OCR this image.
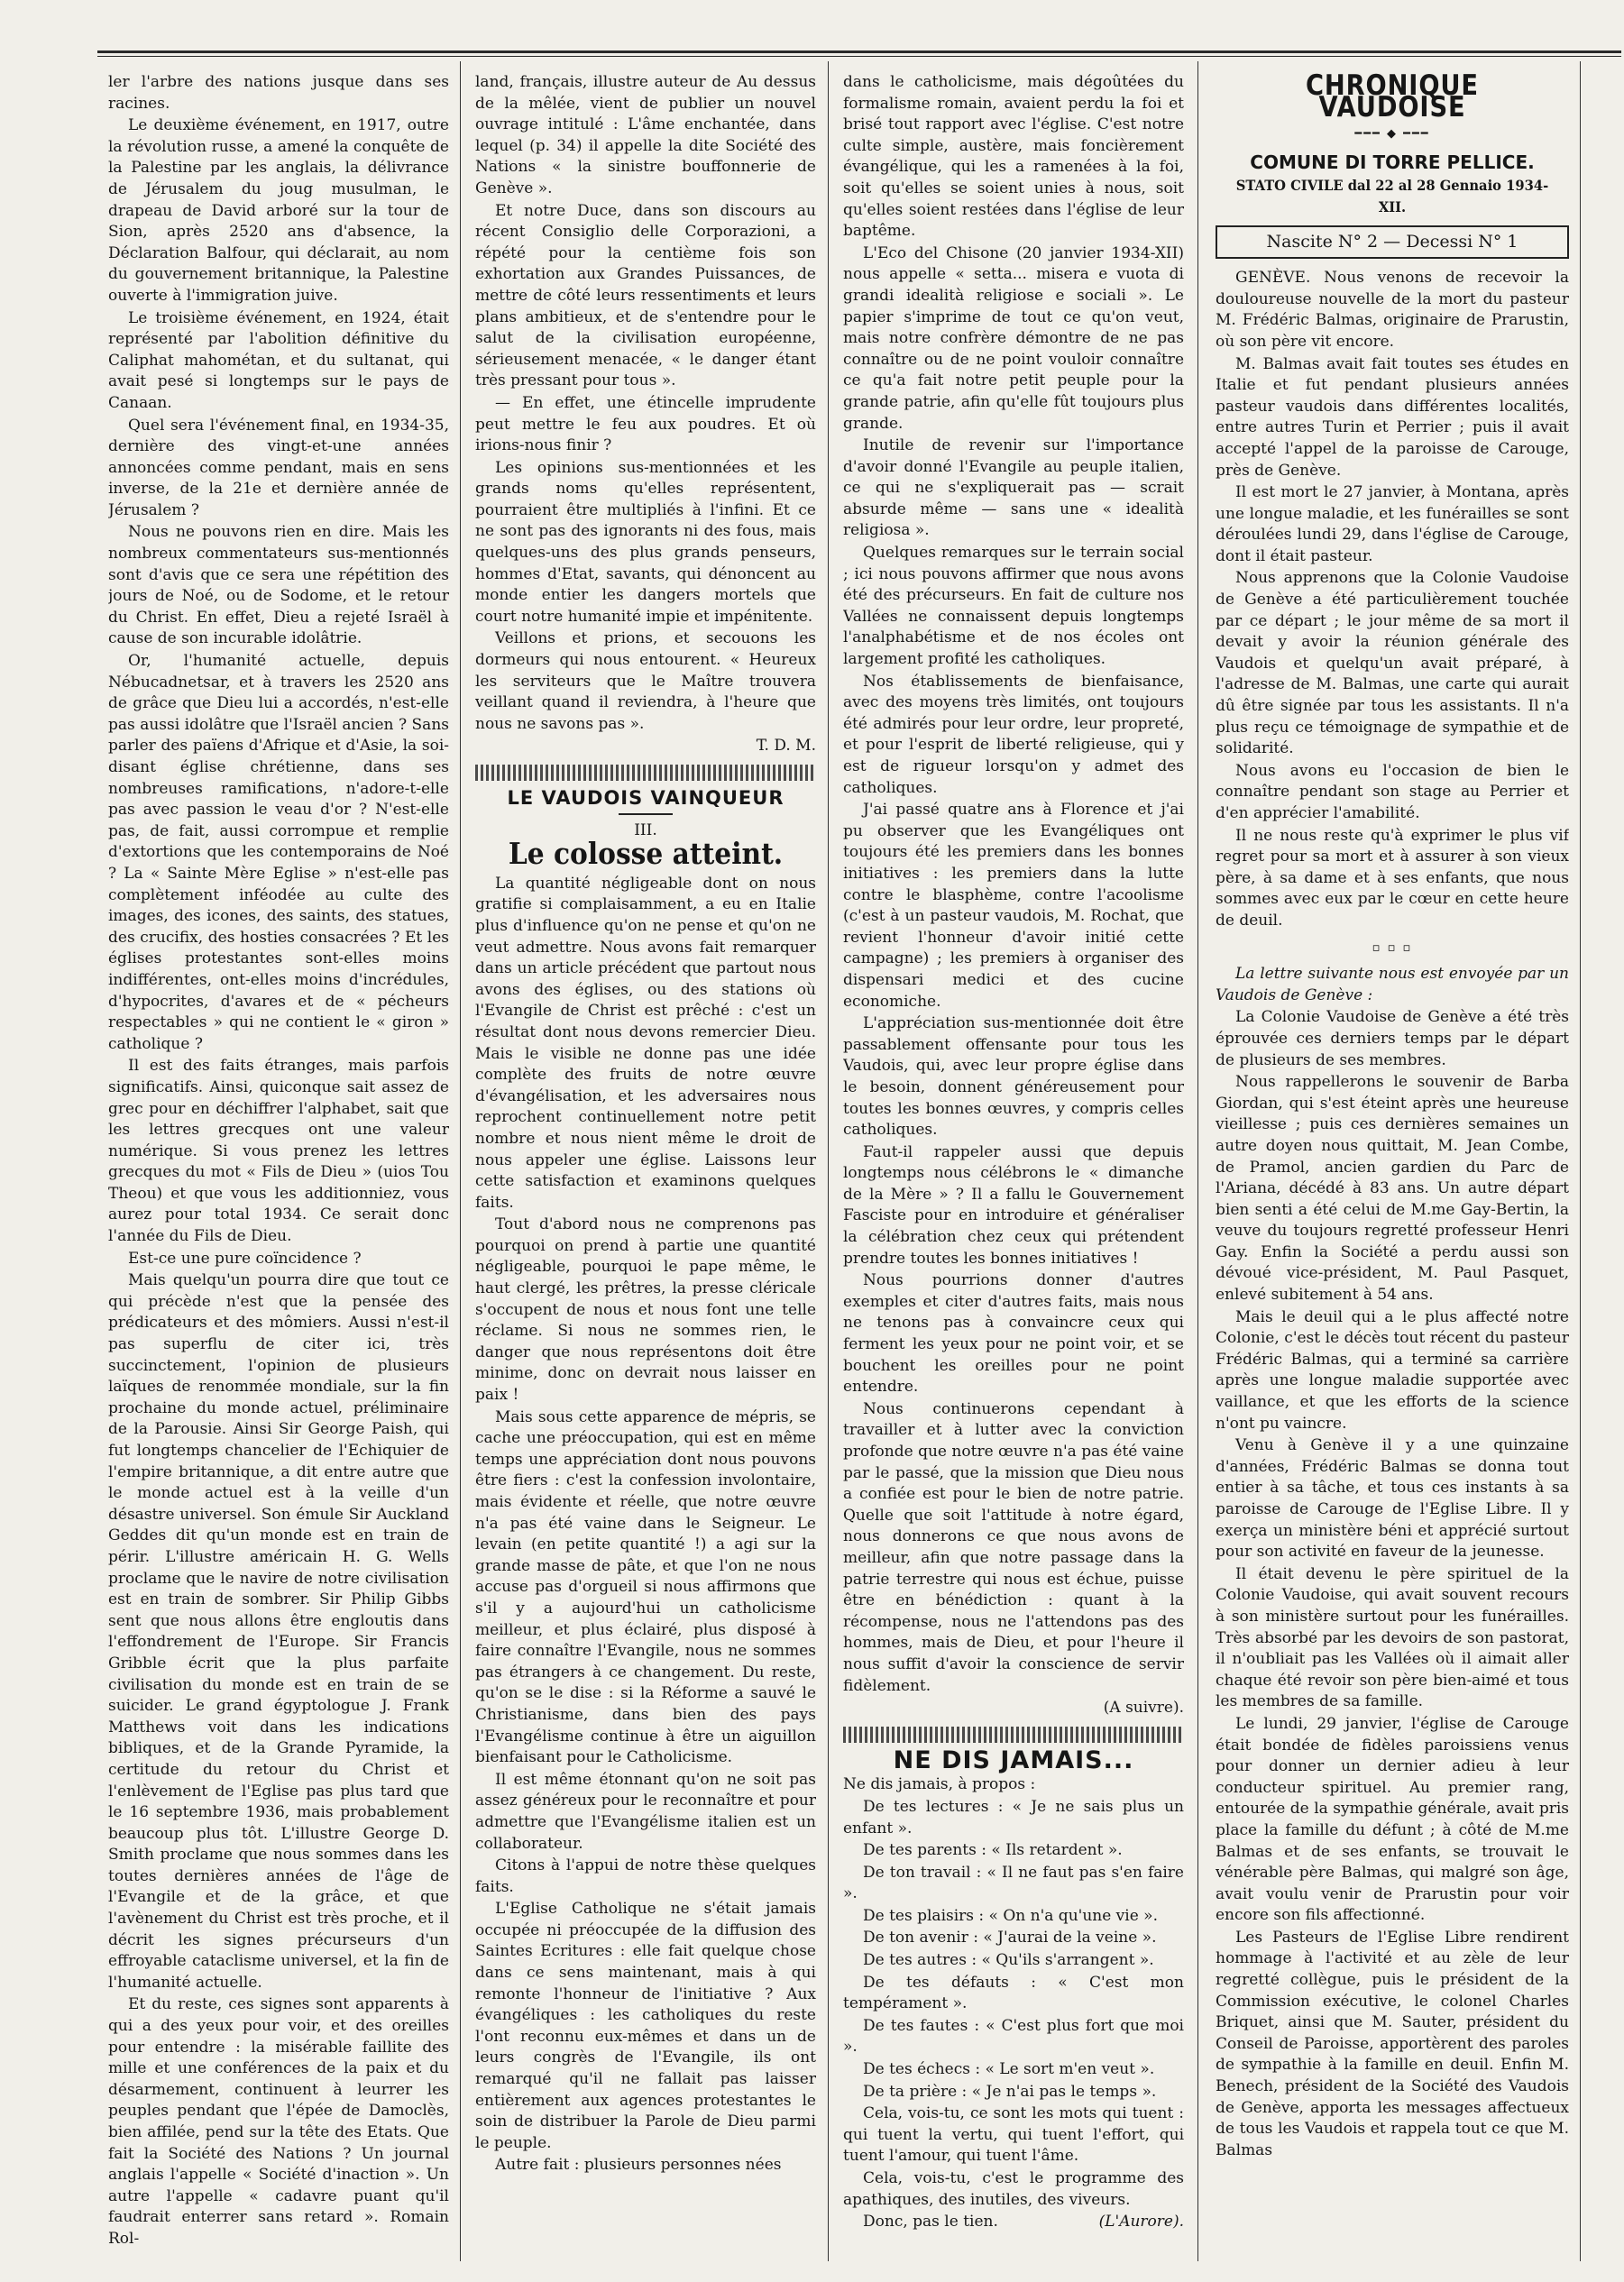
ler l'arbre des nations jusque dans ses racines.

Le deuxième événement, en 1917, outre la révolution russe, a amené la conquête de la Palestine par les anglais, la délivrance de Jérusalem du joug musulman, le drapeau de David arboré sur la tour de Sion, après 2520 ans d'absence, la Déclaration Balfour, qui déclarait, au nom du gouvernement britannique, la Palestine ouverte à l'immigration juive.

Le troisième événement, en 1924, était représenté par l'abolition définitive du Caliphat mahométan, et du sultanat, qui avait pesé si longtemps sur le pays de Canaan.

Quel sera l'événement final, en 1934-35, dernière des vingt-et-une années annoncées comme pendant, mais en sens inverse, de la 21e et dernière année de Jérusalem ?

Nous ne pouvons rien en dire. Mais les nombreux commentateurs sus-mentionnés sont d'avis que ce sera une répétition des jours de Noé, ou de Sodome, et le retour du Christ. En effet, Dieu a rejeté Israël à cause de son incurable idolâtrie.

Or, l'humanité actuelle, depuis Nébucadnetsar, et à travers les 2520 ans de grâce que Dieu lui a accordés, n'est-elle pas aussi idolâtre que l'Israël ancien ? Sans parler des païens d'Afrique et d'Asie, la soi-disant église chrétienne, dans ses nombreuses ramifications, n'adore-t-elle pas avec passion le veau d'or ? N'est-elle pas, de fait, aussi corrompue et remplie d'extortions que les contemporains de Noé ? La « Sainte Mère Eglise » n'est-elle pas complètement inféodée au culte des images, des icones, des saints, des statues, des crucifix, des hosties consacrées ? Et les églises protestantes sont-elles moins indifférentes, ont-elles moins d'incrédules, d'hypocrites, d'avares et de « pécheurs respectables » qui ne contient le « giron » catholique ?

Il est des faits étranges, mais parfois significatifs. Ainsi, quiconque sait assez de grec pour en déchiffrer l'alphabet, sait que les lettres grecques ont une valeur numérique. Si vous prenez les lettres grecques du mot « Fils de Dieu » (uios Tou Theou) et que vous les additionniez, vous aurez pour total 1934. Ce serait donc l'année du Fils de Dieu.

Est-ce une pure coïncidence ?

Mais quelqu'un pourra dire que tout ce qui précède n'est que la pensée des prédicateurs et des mômiers. Aussi n'est-il pas superflu de citer ici, très succinctement, l'opinion de plusieurs laïques de renommée mondiale, sur la fin prochaine du monde actuel, préliminaire de la Parousie. Ainsi Sir George Paish, qui fut longtemps chancelier de l'Echiquier de l'empire britannique, a dit entre autre que le monde actuel est à la veille d'un désastre universel. Son émule Sir Auckland Geddes dit qu'un monde est en train de périr. L'illustre américain H. G. Wells proclame que le navire de notre civilisation est en train de sombrer. Sir Philip Gibbs sent que nous allons être engloutis dans l'effondrement de l'Europe. Sir Francis Gribble écrit que la plus parfaite civilisation du monde est en train de se suicider. Le grand égyptologue J. Frank Matthews voit dans les indications bibliques, et de la Grande Pyramide, la certitude du retour du Christ et l'enlèvement de l'Eglise pas plus tard que le 16 septembre 1936, mais probablement beaucoup plus tôt. L'illustre George D. Smith proclame que nous sommes dans les toutes dernières années de l'âge de l'Evangile et de la grâce, et que l'avènement du Christ est très proche, et il décrit les signes précurseurs d'un effroyable cataclisme universel, et la fin de l'humanité actuelle.

Et du reste, ces signes sont apparents à qui a des yeux pour voir, et des oreilles pour entendre : la misérable faillite des mille et une conférences de la paix et du désarmement, continuent à leurrer les peuples pendant que l'épée de Damoclès, bien affilée, pend sur la tête des Etats. Que fait la Société des Nations ? Un journal anglais l'appelle « Société d'inaction ». Un autre l'appelle « cadavre puant qu'il faudrait enterrer sans retard ». Romain Rol-

land, français, illustre auteur de Au dessus de la mêlée, vient de publier un nouvel ouvrage intitulé : L'âme enchantée, dans lequel (p. 34) il appelle la dite Société des Nations « la sinistre bouffonnerie de Genève ».

Et notre Duce, dans son discours au récent Consiglio delle Corporazioni, a répété pour la centième fois son exhortation aux Grandes Puissances, de mettre de côté leurs ressentiments et leurs plans ambitieux, et de s'entendre pour le salut de la civilisation européenne, sérieusement menacée, « le danger étant très pressant pour tous ».

— En effet, une étincelle imprudente peut mettre le feu aux poudres. Et où irions-nous finir ?

Les opinions sus-mentionnées et les grands noms qu'elles représentent, pourraient être multipliés à l'infini. Et ce ne sont pas des ignorants ni des fous, mais quelques-uns des plus grands penseurs, hommes d'Etat, savants, qui dénoncent au monde entier les dangers mortels que court notre humanité impie et impénitente.

Veillons et prions, et secouons les dormeurs qui nous entourent. « Heureux les serviteurs que le Maître trouvera veillant quand il reviendra, à l'heure que nous ne savons pas ».

T. D. M.

LE VAUDOIS VAINQUEUR
III.
Le colosse atteint.

La quantité négligeable dont on nous gratifie si complaisamment, a eu en Italie plus d'influence qu'on ne pense et qu'on ne veut admettre. Nous avons fait remarquer dans un article précédent que partout nous avons des églises, ou des stations où l'Evangile de Christ est prêché : c'est un résultat dont nous devons remercier Dieu. Mais le visible ne donne pas une idée complète des fruits de notre œuvre d'évangélisation, et les adversaires nous reprochent continuellement notre petit nombre et nous nient même le droit de nous appeler une église. Laissons leur cette satisfaction et examinons quelques faits.

Tout d'abord nous ne comprenons pas pourquoi on prend à partie une quantité négligeable, pourquoi le pape même, le haut clergé, les prêtres, la presse cléricale s'occupent de nous et nous font une telle réclame. Si nous ne sommes rien, le danger que nous représentons doit être minime, donc on devrait nous laisser en paix !

Mais sous cette apparence de mépris, se cache une préoccupation, qui est en même temps une appréciation dont nous pouvons être fiers : c'est la confession involontaire, mais évidente et réelle, que notre œuvre n'a pas été vaine dans le Seigneur. Le levain (en petite quantité !) a agi sur la grande masse de pâte, et que l'on ne nous accuse pas d'orgueil si nous affirmons que s'il y a aujourd'hui un catholicisme meilleur, et plus éclairé, plus disposé à faire connaître l'Evangile, nous ne sommes pas étrangers à ce changement. Du reste, qu'on se le dise : si la Réforme a sauvé le Christianisme, dans bien des pays l'Evangélisme continue à être un aiguillon bienfaisant pour le Catholicisme.

Il est même étonnant qu'on ne soit pas assez généreux pour le reconnaître et pour admettre que l'Evangélisme italien est un collaborateur.

Citons à l'appui de notre thèse quelques faits.

L'Eglise Catholique ne s'était jamais occupée ni préoccupée de la diffusion des Saintes Ecritures : elle fait quelque chose dans ce sens maintenant, mais à qui remonte l'honneur de l'initiative ? Aux évangéliques : les catholiques du reste l'ont reconnu eux-mêmes et dans un de leurs congrès de l'Evangile, ils ont remarqué qu'il ne fallait pas laisser entièrement aux agences protestantes le soin de distribuer la Parole de Dieu parmi le peuple.

Autre fait : plusieurs personnes nées

dans le catholicisme, mais dégoûtées du formalisme romain, avaient perdu la foi et brisé tout rapport avec l'église. C'est notre culte simple, austère, mais foncièrement évangélique, qui les a ramenées à la foi, soit qu'elles se soient unies à nous, soit qu'elles soient restées dans l'église de leur baptême.

L'Eco del Chisone (20 janvier 1934-XII) nous appelle « setta... misera e vuota di grandi idealità religiose e sociali ». Le papier s'imprime de tout ce qu'on veut, mais notre confrère démontre de ne pas connaître ou de ne point vouloir connaître ce qu'a fait notre petit peuple pour la grande patrie, afin qu'elle fût toujours plus grande.

Inutile de revenir sur l'importance d'avoir donné l'Evangile au peuple italien, ce qui ne s'expliquerait pas — scrait absurde même — sans une « idealità religiosa ».

Quelques remarques sur le terrain social ; ici nous pouvons affirmer que nous avons été des précurseurs. En fait de culture nos Vallées ne connaissent depuis longtemps l'analphabétisme et de nos écoles ont largement profité les catholiques.

Nos établissements de bienfaisance, avec des moyens très limités, ont toujours été admirés pour leur ordre, leur propreté, et pour l'esprit de liberté religieuse, qui y est de rigueur lorsqu'on y admet des catholiques.

J'ai passé quatre ans à Florence et j'ai pu observer que les Evangéliques ont toujours été les premiers dans les bonnes initiatives : les premiers dans la lutte contre le blasphème, contre l'acoolisme (c'est à un pasteur vaudois, M. Rochat, que revient l'honneur d'avoir initié cette campagne) ; les premiers à organiser des dispensari medici et des cucine economiche.

L'appréciation sus-mentionnée doit être passablement offensante pour tous les Vaudois, qui, avec leur propre église dans le besoin, donnent généreusement pour toutes les bonnes œuvres, y compris celles catholiques.

Faut-il rappeler aussi que depuis longtemps nous célébrons le « dimanche de la Mère » ? Il a fallu le Gouvernement Fasciste pour en introduire et généraliser la célébration chez ceux qui prétendent prendre toutes les bonnes initiatives !

Nous pourrions donner d'autres exemples et citer d'autres faits, mais nous ne tenons pas à convaincre ceux qui ferment les yeux pour ne point voir, et se bouchent les oreilles pour ne point entendre.

Nous continuerons cependant à travailler et à lutter avec la conviction profonde que notre œuvre n'a pas été vaine par le passé, que la mission que Dieu nous a confiée est pour le bien de notre patrie. Quelle que soit l'attitude à notre égard, nous donnerons ce que nous avons de meilleur, afin que notre passage dans la patrie terrestre qui nous est échue, puisse être en bénédiction : quant à la récompense, nous ne l'attendons pas des hommes, mais de Dieu, et pour l'heure il nous suffit d'avoir la conscience de servir fidèlement.

(A suivre).

NE DIS JAMAIS...

Ne dis jamais, à propos :

De tes lectures : « Je ne sais plus un enfant ».

De tes parents : « Ils retardent ».

De ton travail : « Il ne faut pas s'en faire ».

De tes plaisirs : « On n'a qu'une vie ».

De ton avenir : « J'aurai de la veine ».

De tes autres : « Qu'ils s'arrangent ».

De tes défauts : « C'est mon tempérament ».

De tes fautes : « C'est plus fort que moi ».

De tes échecs : « Le sort m'en veut ».

De ta prière : « Je n'ai pas le temps ».

Cela, vois-tu, ce sont les mots qui tuent : qui tuent la vertu, qui tuent l'effort, qui tuent l'amour, qui tuent l'âme.

Cela, vois-tu, c'est le programme des apathiques, des inutiles, des viveurs.

Donc, pas le tien.	(L'Aurore).

CHRONIQUE VAUDOISE
━━━ ◆ ━━━
COMUNE DI TORRE PELLICE.
STATO CIVILE dal 22 al 28 Gennaio 1934-XII.
Nascite N° 2 — Decessi N° 1

GENÈVE. Nous venons de recevoir la douloureuse nouvelle de la mort du pasteur M. Frédéric Balmas, originaire de Prarustin, où son père vit encore.

M. Balmas avait fait toutes ses études en Italie et fut pendant plusieurs années pasteur vaudois dans différentes localités, entre autres Turin et Perrier ; puis il avait accepté l'appel de la paroisse de Carouge, près de Genève.

Il est mort le 27 janvier, à Montana, après une longue maladie, et les funérailles se sont déroulées lundi 29, dans l'église de Carouge, dont il était pasteur.

Nous apprenons que la Colonie Vaudoise de Genève a été particulièrement touchée par ce départ ; le jour même de sa mort il devait y avoir la réunion générale des Vaudois et quelqu'un avait préparé, à l'adresse de M. Balmas, une carte qui aurait dû être signée par tous les assistants. Il n'a plus reçu ce témoignage de sympathie et de solidarité.

Nous avons eu l'occasion de bien le connaître pendant son stage au Perrier et d'en apprécier l'amabilité.

Il ne nous reste qu'à exprimer le plus vif regret pour sa mort et à assurer à son vieux père, à sa dame et à ses enfants, que nous sommes avec eux par le cœur en cette heure de deuil.

▫ ▫ ▫

La lettre suivante nous est envoyée par un Vaudois de Genève :

La Colonie Vaudoise de Genève a été très éprouvée ces derniers temps par le départ de plusieurs de ses membres.

Nous rappellerons le souvenir de Barba Giordan, qui s'est éteint après une heureuse vieillesse ; puis ces dernières semaines un autre doyen nous quittait, M. Jean Combe, de Pramol, ancien gardien du Parc de l'Ariana, décédé à 83 ans. Un autre départ bien senti a été celui de M.me Gay-Bertin, la veuve du toujours regretté professeur Henri Gay. Enfin la Société a perdu aussi son dévoué vice-président, M. Paul Pasquet, enlevé subitement à 54 ans.

Mais le deuil qui a le plus affecté notre Colonie, c'est le décès tout récent du pasteur Frédéric Balmas, qui a terminé sa carrière après une longue maladie supportée avec vaillance, et que les efforts de la science n'ont pu vaincre.

Venu à Genève il y a une quinzaine d'années, Frédéric Balmas se donna tout entier à sa tâche, et tous ces instants à sa paroisse de Carouge de l'Eglise Libre. Il y exerça un ministère béni et apprécié surtout pour son activité en faveur de la jeunesse.

Il était devenu le père spirituel de la Colonie Vaudoise, qui avait souvent recours à son ministère surtout pour les funérailles. Très absorbé par les devoirs de son pastorat, il n'oubliait pas les Vallées où il aimait aller chaque été revoir son père bien-aimé et tous les membres de sa famille.

Le lundi, 29 janvier, l'église de Carouge était bondée de fidèles paroissiens venus pour donner un dernier adieu à leur conducteur spirituel. Au premier rang, entourée de la sympathie générale, avait pris place la famille du défunt ; à côté de M.me Balmas et de ses enfants, se trouvait le vénérable père Balmas, qui malgré son âge, avait voulu venir de Prarustin pour voir encore son fils affectionné.

Les Pasteurs de l'Eglise Libre rendirent hommage à l'activité et au zèle de leur regretté collègue, puis le président de la Commission exécutive, le colonel Charles Briquet, ainsi que M. Sauter, président du Conseil de Paroisse, apportèrent des paroles de sympathie à la famille en deuil. Enfin M. Benech, président de la Société des Vaudois de Genève, apporta les messages affectueux de tous les Vaudois et rappela tout ce que M. Balmas
